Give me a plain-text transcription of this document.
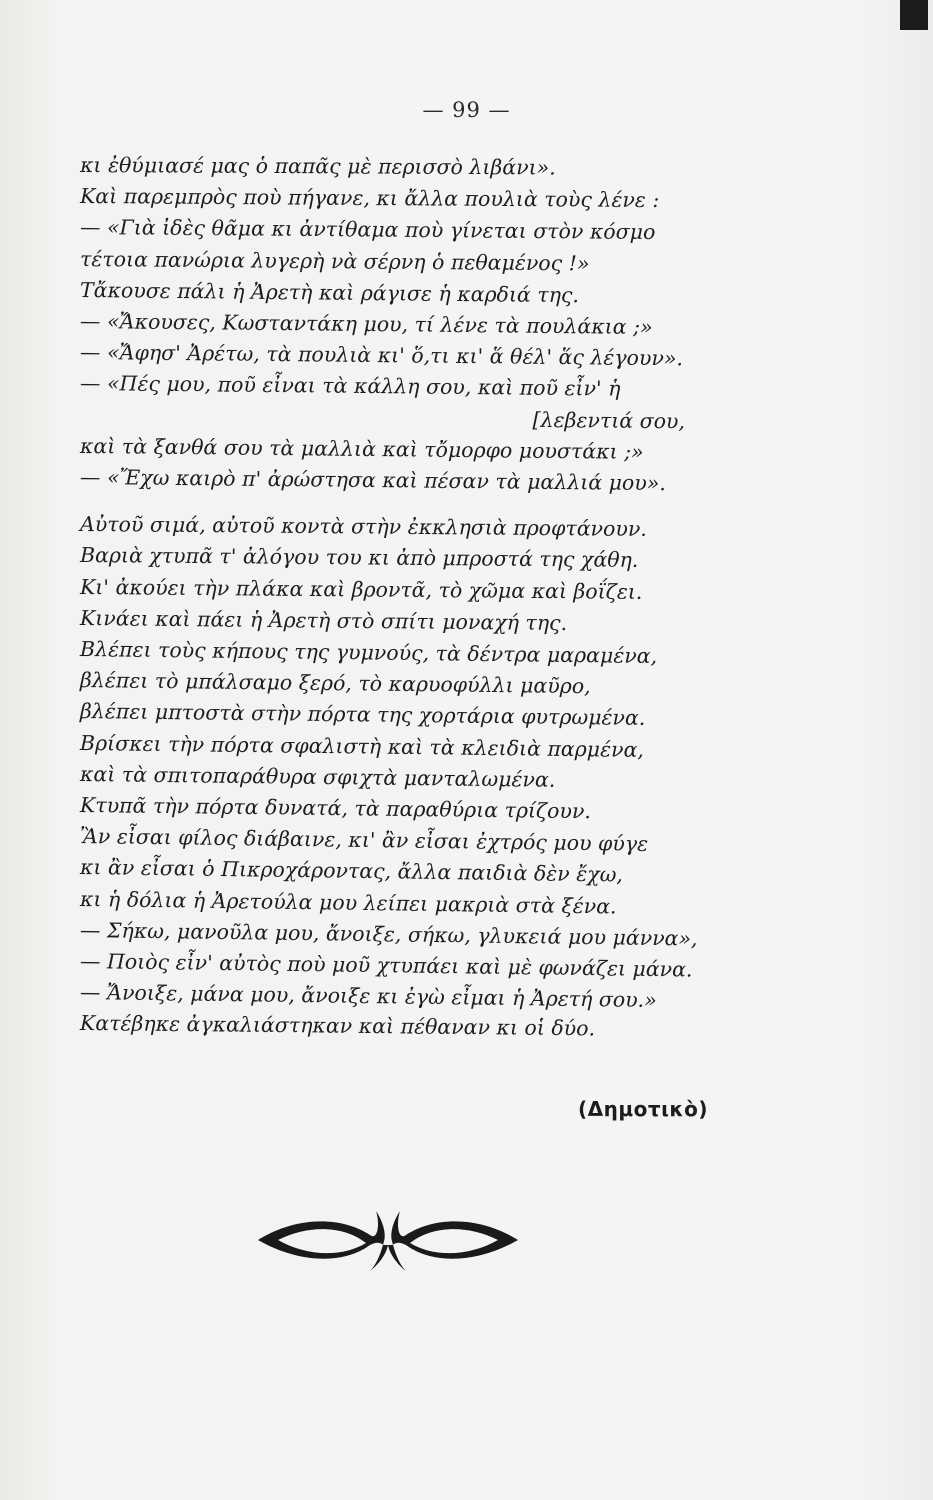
— 99 —
κι ἐθύμιασέ μας ὁ παπᾶς μὲ περισσὸ λιβάνι».
Καὶ παρεμπρὸς ποὺ πήγανε, κι ἄλλα πουλιὰ τοὺς λένε :
— «Γιὰ ἰδὲς θᾶμα κι ἀντίθαμα ποὺ γίνεται στὸν κόσμο
τέτοια πανώρια λυγερὴ νὰ σέρνη ὁ πεθαμένος !»
Τἄκουσε πάλι ἡ Ἀρετὴ καὶ ράγισε ἡ καρδιά της.
— «Ἄκουσες, Κωσταντάκη μου, τί λένε τὰ πουλάκια ;»
— «Ἄφησ' Ἀρέτω, τὰ πουλιὰ κι' ὅ,τι κι' ἅ θέλ' ἅς λέγουν».
— «Πές μου, ποῦ εἶναι τὰ κάλλη σου, καὶ ποῦ εἶν' ἡ
[λεβεντιά σου,
καὶ τὰ ξανθά σου τὰ μαλλιὰ καὶ τὄμορφο μουστάκι ;»
— «Ἔχω καιρὸ π' ἀρώστησα καὶ πέσαν τὰ μαλλιά μου».
Αὐτοῦ σιμά, αὐτοῦ κοντὰ στὴν ἐκκλησιὰ προφτάνουν.
Βαριὰ χτυπᾶ τ' ἀλόγου του κι ἀπὸ μπροστά της χάθη.
Κι' ἀκούει τὴν πλάκα καὶ βροντᾶ, τὸ χῶμα καὶ βοΐζει.
Κινάει καὶ πάει ἡ Ἀρετὴ στὸ σπίτι μοναχή της.
Βλέπει τοὺς κήπους της γυμνούς, τὰ δέντρα μαραμένα,
βλέπει τὸ μπάλσαμο ξερό, τὸ καρυοφύλλι μαῦρο,
βλέπει μπτοστὰ στὴν πόρτα της χορτάρια φυτρωμένα.
Βρίσκει τὴν πόρτα σφαλιστὴ καὶ τὰ κλειδιὰ παρμένα,
καὶ τὰ σπιτοπαράθυρα σφιχτὰ μανταλωμένα.
Κτυπᾶ τὴν πόρτα δυνατά, τὰ παραθύρια τρίζουν.
Ἂν εἶσαι φίλος διάβαινε, κι' ἂν εἶσαι ἐχτρός μου φύγε
κι ἂν εἶσαι ὁ Πικροχάροντας, ἄλλα παιδιὰ δὲν ἔχω,
κι ἡ δόλια ἡ Ἀρετούλα μου λείπει μακριὰ στὰ ξένα.
— Σήκω, μανοῦλα μου, ἄνοιξε, σήκω, γλυκειά μου μάννα»,
— Ποιὸς εἶν' αὐτὸς ποὺ μοῦ χτυπάει καὶ μὲ φωνάζει μάνα.
— Ἄνοιξε, μάνα μου, ἄνοιξε κι ἐγὼ εἶμαι ἡ Ἀρετή σου.»
Κατέβηκε ἀγκαλιάστηκαν καὶ πέθαναν κι οἱ δύο.
(Δημοτικὸ)
